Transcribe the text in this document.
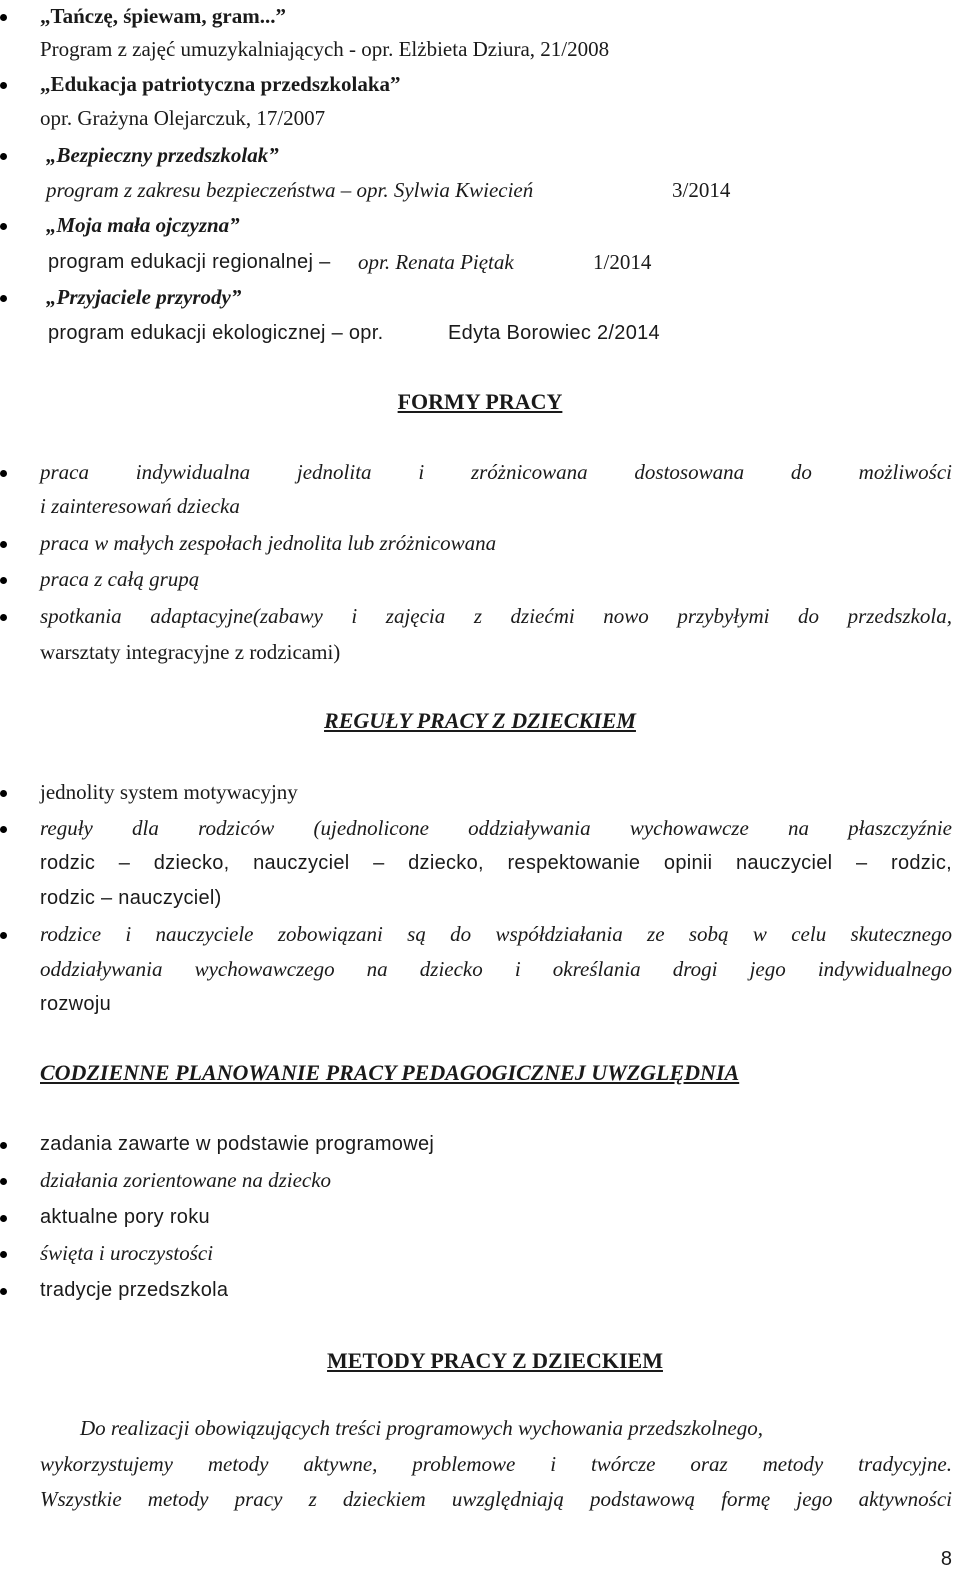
„Tańczę, śpiewam, gram...”
Program z zajęć umuzykalniających - opr. Elżbieta Dziura, 21/2008
„Edukacja patriotyczna przedszkolaka”
opr. Grażyna Olejarczuk, 17/2007
„Bezpieczny przedszkolak”
program z zakresu bezpieczeństwa – opr. Sylwia Kwiecień	3/2014
„Moja mała ojczyzna”
program edukacji regionalnej – opr. Renata Piętak	1/2014
„Przyjaciele przyrody”
program edukacji ekologicznej – opr.	Edyta Borowiec 2/2014
FORMY PRACY
praca indywidualna jednolita i zróżnicowana dostosowana do możliwości
i zainteresowań dziecka
praca w małych zespołach jednolita lub zróżnicowana
praca z całą grupą
spotkania adaptacyjne(zabawy i zajęcia z dziećmi nowo przybyłymi do przedszkola,
warsztaty integracyjne z rodzicami)
REGUŁY PRACY Z DZIECKIEM
jednolity system motywacyjny
reguły dla rodziców (ujednolicone oddziaływania wychowawcze na płaszczyźnie
rodzic – dziecko, nauczyciel – dziecko, respektowanie opinii nauczyciel – rodzic,
rodzic – nauczyciel)
rodzice i nauczyciele zobowiązani są do współdziałania ze sobą w celu skutecznego
oddziaływania wychowawczego na dziecko i określania drogi jego indywidualnego
rozwoju
CODZIENNE PLANOWANIE PRACY PEDAGOGICZNEJ UWZGLĘDNIA
zadania zawarte w podstawie programowej
działania zorientowane na dziecko
aktualne pory roku
święta i uroczystości
tradycje przedszkola
METODY PRACY Z DZIECKIEM
Do realizacji obowiązujących treści programowych wychowania przedszkolnego,
wykorzystujemy metody aktywne, problemowe i twórcze oraz metody tradycyjne.
Wszystkie metody pracy z dzieckiem uwzględniają podstawową formę jego aktywności
8
